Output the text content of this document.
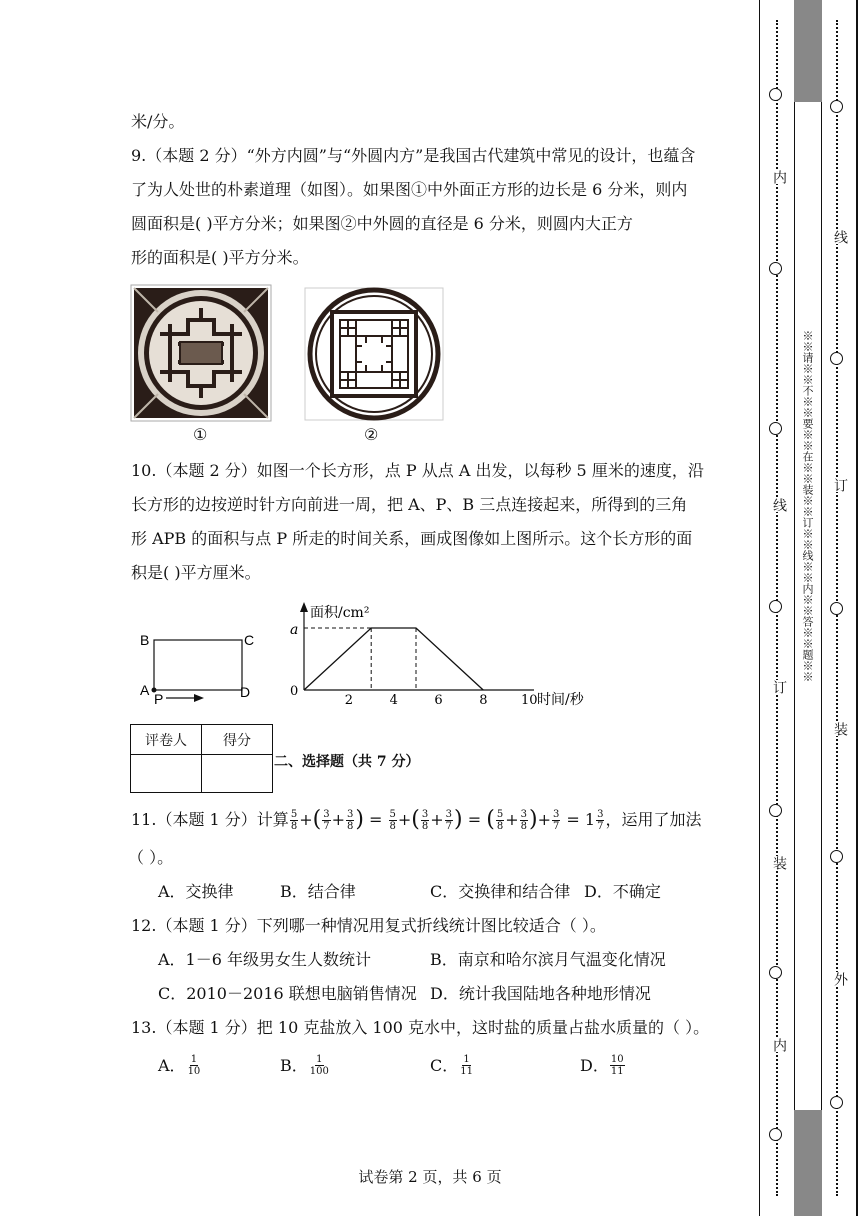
米/分。
9.（本题 2 分）“外方内圆”与“外圆内方”是我国古代建筑中常见的设计，也蕴含
了为人处世的朴素道理（如图）。如果图①中外面正方形的边长是 6 分米，则内
圆面积是( )平方分米；如果图②中外圆的直径是 6 分米，则圆内大正方
形的面积是( )平方分米。
①	②
10.（本题 2 分）如图一个长方形，点 P 从点 A 出发，以每秒 5 厘米的速度，沿
长方形的边按逆时针方向前进一周，把 A、P、B 三点连接起来，所得到的三角
形 APB 的面积与点 P 所走的时间关系，画成图像如上图所示。这个长方形的面
积是( )平方厘米。
B	C
A
P	D
面积/cm²
时间/秒
0
a
2	4	6	8	10
评卷人	得分

二、选择题（共 7 分）
11.（本题 1 分）计算 $\frac{5}{8}$ + ( $\frac{3}{7} + \frac{3}{8}$ ) = $\frac{5}{8}$ + ( $\frac{3}{8} + \frac{3}{7}$ ) = ( $\frac{5}{8} + \frac{3}{8}$ ) + $\frac{3}{7} = 1 \frac{3}{7}$ ，运用了加法
（ ）。
A．交换律	B．结合律	C．交换律和结合律 D．不确定
12.（本题 1 分）下列哪一种情况用复式折线统计图比较适合（ ）。
A．1－6 年级男女生人数统计	B．南京和哈尔滨月气温变化情况
C．2010－2016 联想电脑销售情况 D．统计我国陆地各种地形情况
13.（本题 1 分）把 10 克盐放入 100 克水中，这时盐的质量占盐水质量的（ ）。
A． $\frac{1}{10}$	B． $\frac{1}{100}$	C． $\frac{1}{11}$	D． $\frac{10}{11}$
试卷第 2 页，共 6 页
内
线
订
装
内
线
订
装
外
※※请※※不※※要※※在※※装※※订※※线※※内※※答※※题※※
